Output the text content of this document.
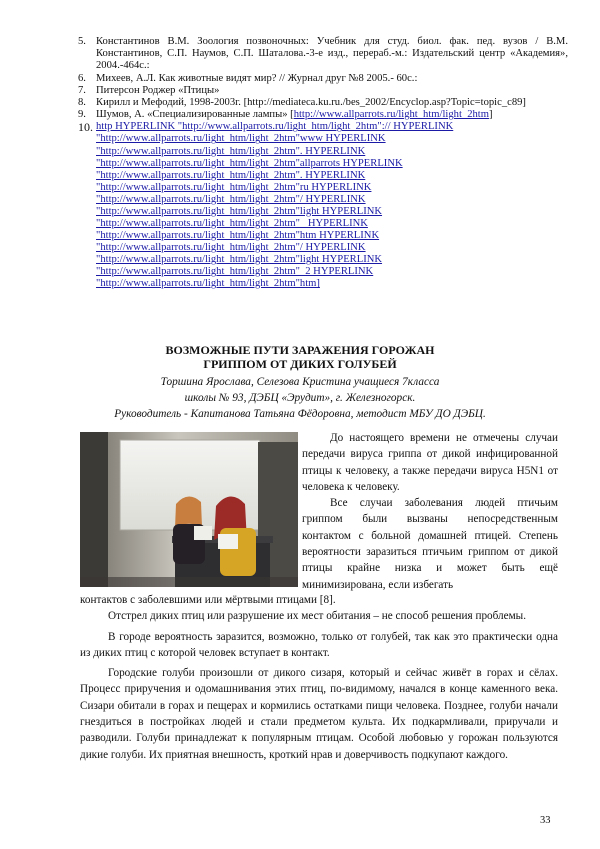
5. Константинов В.М. Зоология позвоночных: Учебник для студ. биол. фак. пед. вузов / В.М. Константинов, С.П. Наумов, С.П. Шаталова.-3-е изд., перераб.-м.: Издательский центр «Академия», 2004.-464с.:
6. Михеев, А.Л. Как животные видят мир? // Журнал друг №8 2005.- 60с.:
7. Питерсон Роджер «Птицы»
8. Кирилл и Мефодий, 1998-2003г. [http://mediateca.ku.ru./bes_2002/Encyclop.asp?Topic=topic_c89]
9. Шумов, А. «Специализированные лампы» [http://www.allparrots.ru/light_htm/light_2htm]
10. http HYPERLINK "http://www.allparrots.ru/light_htm/light_2htm":// HYPERLINK
"http://www.allparrots.ru/light_htm/light_2htm"www HYPERLINK
"http://www.allparrots.ru/light_htm/light_2htm". HYPERLINK
"http://www.allparrots.ru/light_htm/light_2htm"allparrots HYPERLINK
"http://www.allparrots.ru/light_htm/light_2htm". HYPERLINK
"http://www.allparrots.ru/light_htm/light_2htm"ru HYPERLINK
"http://www.allparrots.ru/light_htm/light_2htm"/ HYPERLINK
"http://www.allparrots.ru/light_htm/light_2htm"light HYPERLINK
"http://www.allparrots.ru/light_htm/light_2htm"_ HYPERLINK
"http://www.allparrots.ru/light_htm/light_2htm"htm HYPERLINK
"http://www.allparrots.ru/light_htm/light_2htm"/ HYPERLINK
"http://www.allparrots.ru/light_htm/light_2htm"light HYPERLINK
"http://www.allparrots.ru/light_htm/light_2htm"_2 HYPERLINK
"http://www.allparrots.ru/light_htm/light_2htm"htm]
ВОЗМОЖНЫЕ ПУТИ ЗАРАЖЕНИЯ ГОРОЖАН
ГРИППОМ ОТ ДИКИХ ГОЛУБЕЙ
Торшина Ярослава, Селезова Кристина учащиеся 7класса
школы № 93, ДЭБЦ «Эрудит», г. Железногорск.
Руководитель - Капитанова Татьяна Фёдоровна, методист МБУ ДО ДЭБЦ.

До настоящего времени не отмечены случаи передачи вируса гриппа от дикой инфицированной птицы к человеку, а также передачи вируса H5N1 от человека к человеку.

Все случаи заболевания людей птичьим гриппом были вызваны непосредственным контактом с больной домашней птицей. Степень вероятности заразиться птичьим гриппом от дикой птицы крайне низка и может быть ещё минимизирована, если избегать

контактов с заболевшими или мёртвыми птицами [8].

Отстрел диких птиц или разрушение их мест обитания – не способ решения проблемы.

В городе вероятность заразится, возможно, только от голубей, так как это практически одна из диких птиц с которой человек вступает в контакт.

Городские голуби произошли от дикого сизаря, который и сейчас живёт в горах и сёлах. Процесс приручения и одомашнивания этих птиц, по-видимому, начался в конце каменного века. Сизари обитали в горах и пещерах и кормились остатками пищи человека. Позднее, голуби начали гнездиться в постройках людей и стали предметом культа. Их подкармливали, приручали и разводили. Голуби принадлежат к популярным птицам. Особой любовью у горожан пользуются дикие голуби. Их приятная внешность, кроткий нрав и доверчивость подкупают каждого.

33
